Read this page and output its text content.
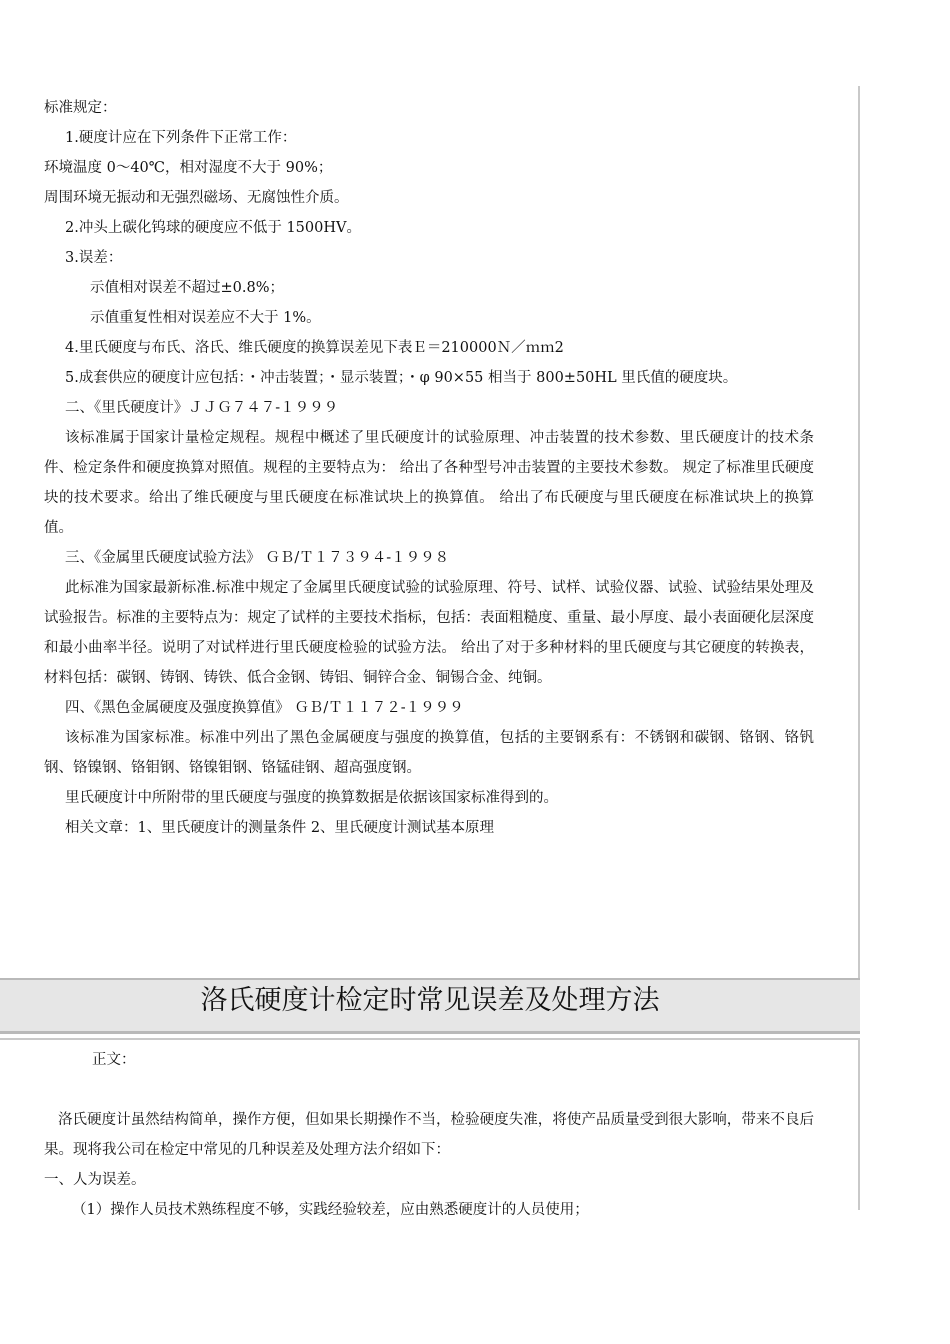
标准规定：

1.硬度计应在下列条件下正常工作：

环境温度 0～40℃，相对湿度不大于 90%；

周围环境无振动和无强烈磁场、无腐蚀性介质。

2.冲头上碳化钨球的硬度应不低于 1500HV。

3.误差：

示值相对误差不超过±0.8%；

示值重复性相对误差应不大于 1%。

4.里氏硬度与布氏、洛氏、维氏硬度的换算误差见下表Ｅ＝210000Ｎ／ｍｍ2

5.成套供应的硬度计应包括：・冲击装置；・显示装置；・φ 90×55 相当于 800±50HL 里氏值的硬度块。

二、《里氏硬度计》ＪＪＧ７４７-１９９９

该标准属于国家计量检定规程。规程中概述了里氏硬度计的试验原理、冲击装置的技术参数、里氏硬度计的技术条件、检定条件和硬度换算对照值。规程的主要特点为： 给出了各种型号冲击装置的主要技术参数。 规定了标准里氏硬度块的技术要求。给出了维氏硬度与里氏硬度在标准试块上的换算值。 给出了布氏硬度与里氏硬度在标准试块上的换算值。

三、《金属里氏硬度试验方法》 ＧＢ/Ｔ１７３９４-１９９８

此标准为国家最新标准.标准中规定了金属里氏硬度试验的试验原理、符号、试样、试验仪器、试验、试验结果处理及试验报告。标准的主要特点为：规定了试样的主要技术指标，包括：表面粗糙度、重量、最小厚度、最小表面硬化层深度和最小曲率半径。说明了对试样进行里氏硬度检验的试验方法。 给出了对于多种材料的里氏硬度与其它硬度的转换表，材料包括：碳钢、铸钢、铸铁、低合金钢、铸铝、铜锌合金、铜锡合金、纯铜。

四、《黑色金属硬度及强度换算值》 ＧＢ/Ｔ１１７２-１９９９

该标准为国家标准。标准中列出了黑色金属硬度与强度的换算值，包括的主要钢系有：不锈钢和碳钢、铬钢、铬钒钢、铬镍钢、铬钼钢、铬镍钼钢、铬锰硅钢、超高强度钢。

里氏硬度计中所附带的里氏硬度与强度的换算数据是依据该国家标准得到的。

相关文章：1、里氏硬度计的测量条件 2、里氏硬度计测试基本原理

洛氏硬度计检定时常见误差及处理方法

正文：

洛氏硬度计虽然结构简单，操作方便，但如果长期操作不当，检验硬度失准，将使产品质量受到很大影响，带来不良后果。现将我公司在检定中常见的几种误差及处理方法介绍如下：

一、人为误差。

（1）操作人员技术熟练程度不够，实践经验较差，应由熟悉硬度计的人员使用；
